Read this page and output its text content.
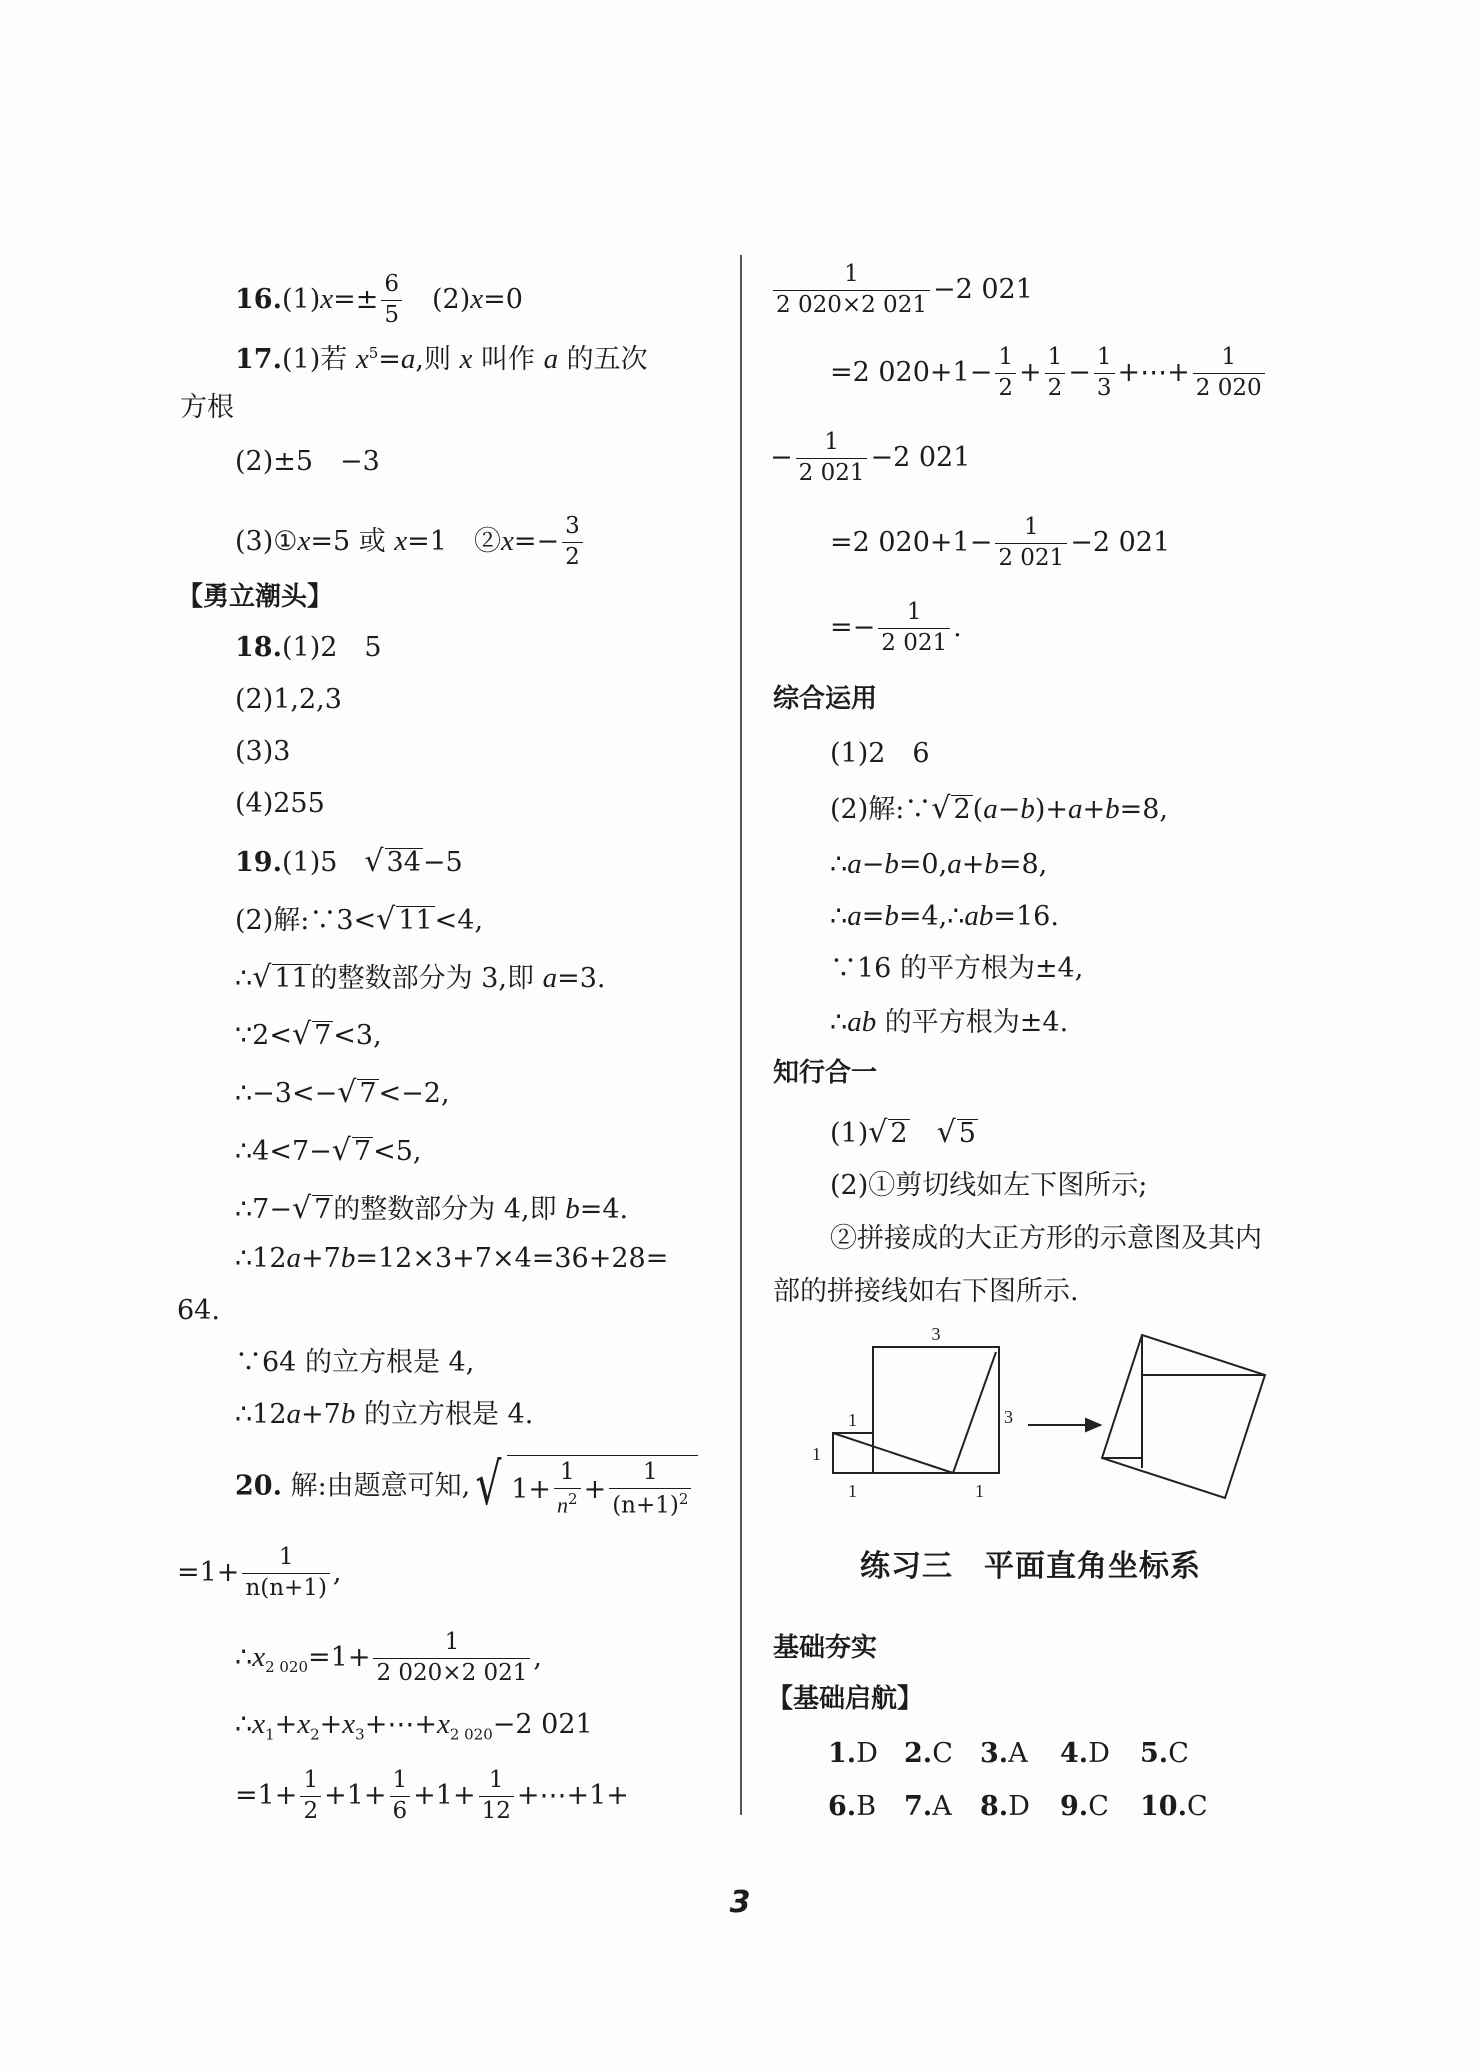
$16.(1)x=\pm \frac{6}{5}$ 　(2)x=0
17.(1)若 $x^5=a$,则 x 叫作 a 的五次
方根
(2)±5　−3
(3)①x=5 或 x=1　②x=− $\frac{3}{2}$
【勇立潮头】
18.(1)2　5
(2)1,2,3
(3)3
(4)255
19.(1)5　√ 34−5
(2)解:∵3<√ 11<4,
∴√ 11的整数部分为 3,即 a=3.
∵2<√ 7<3,
∴−3<−√ 7<−2,
∴4<7−√ 7<5,
∴7−√ 7的整数部分为 4,即 b=4.
∴12a+7b=12×3+7×4=36+28=
64.
∵64 的立方根是 4,
∴12a+7b 的立方根是 4.
20. 解:由题意可知, √ $1+ \frac{1}{n^2} + \frac{1}{(n+1)^2}$
$=1+ \frac{1}{n(n+1)}$ ,
$\therefore x_{2 020}=1+ \frac{1}{2 020\times 2 021}$ ,
$\therefore x_1+x_2+x_3+\cdots+x_{2 020}-2$ 021
$=1+ \frac{1}{2} +1+ \frac{1}{6} +1+ \frac{1}{12}$ +⋯+1+
$\frac{1}{2 020\times 2 021} -2$ 021
=2 $020+1- \frac{1}{2} + \frac{1}{2} - \frac{1}{3}$ +⋯+ $\frac{1}{2 020}$
− $\frac{1}{2 021} -2$ 021
=2 $020+1- \frac{1}{2 021} -2$ 021
=− $\frac{1}{2 021}$ .
综合运用
(1)2　6
(2)解:∵√ 2(a−b)+a+b=8,
∴a−b=0,a+b=8,
∴a=b=4,∴ab=16.
∵16 的平方根为±4,
∴ab 的平方根为±4.
知行合一
(1)√ 2　 √ 5
(2)①剪切线如左下图所示;
②拼接成的大正方形的示意图及其内
部的拼接线如右下图所示.
3
3
1
1
1	1
练习三　平面直角坐标系
基础夯实
【基础启航】
1.D 2.C 3.A 4.D 5.C
6.B 7.A 8.D 9.C 10.C
3
